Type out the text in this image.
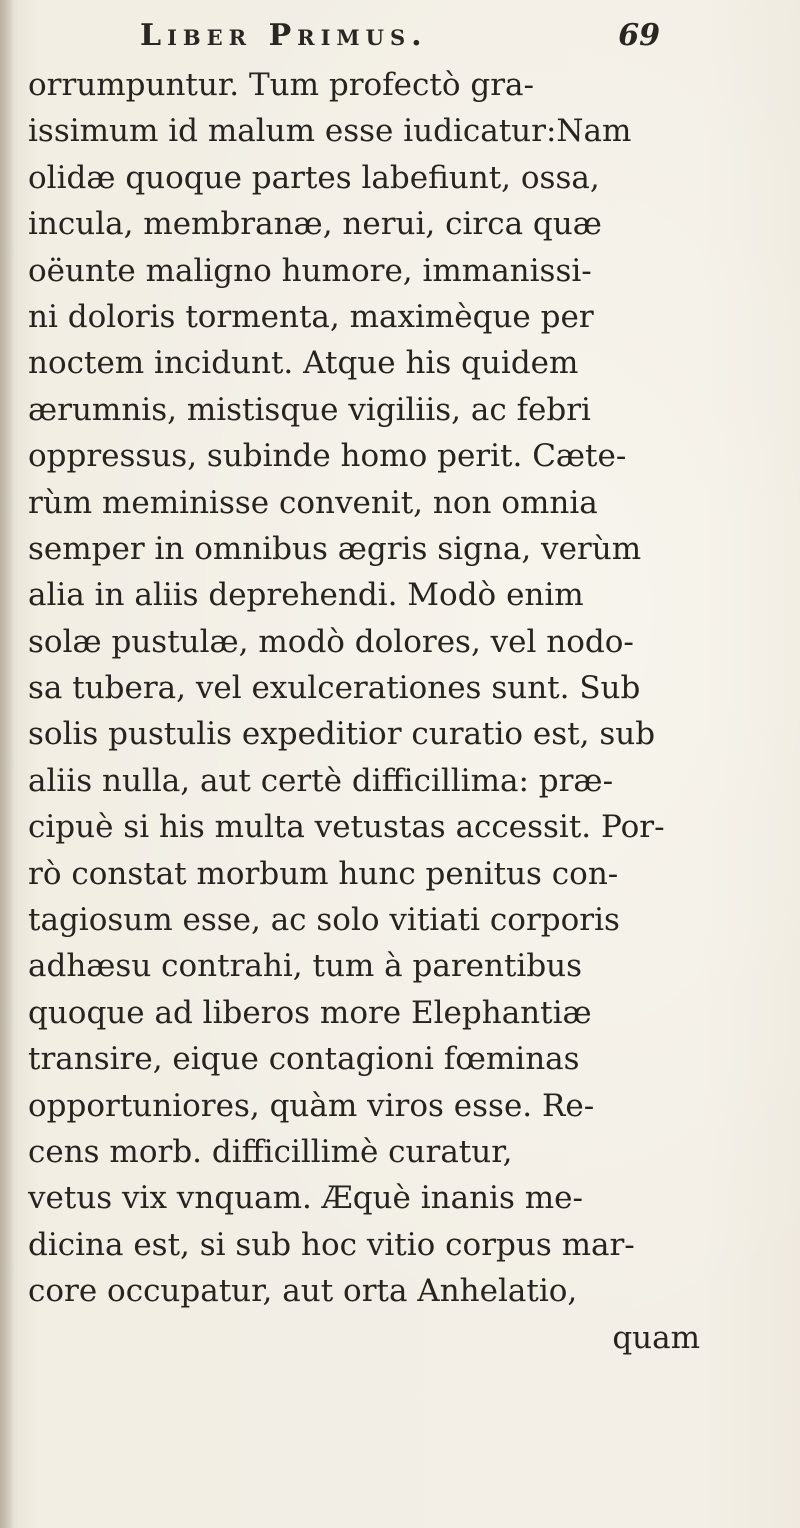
Liber Primus.	69
orrumpuntur. Tum profectò gra-
issimum id malum esse iudicatur:Nam
olidæ quoque partes labefiunt, ossa,
incula, membranæ, nerui, circa quæ
oëunte maligno humore, immanissi-
ni doloris tormenta, maximèque per
noctem incidunt. Atque his quidem
ærumnis, mistisque vigiliis, ac febri
oppressus, subinde homo perit. Cæte-
rùm meminisse convenit, non omnia
semper in omnibus ægris signa, verùm
alia in aliis deprehendi. Modò enim
solæ pustulæ, modò dolores, vel nodo-
sa tubera, vel exulcerationes sunt. Sub
solis pustulis expeditior curatio est, sub
aliis nulla, aut certè difficillima: præ-
cipuè si his multa vetustas accessit. Por-
rò constat morbum hunc penitus con-
tagiosum esse, ac solo vitiati corporis
adhæsu contrahi, tum à parentibus
quoque ad liberos more Elephantiæ
transire, eique contagioni fœminas
opportuniores, quàm viros esse. Re-
cens morb. difficillimè curatur,
vetus vix vnquam. Æquè inanis me-
dicina est, si sub hoc vitio corpus mar-
core occupatur, aut orta Anhelatio,
quam
